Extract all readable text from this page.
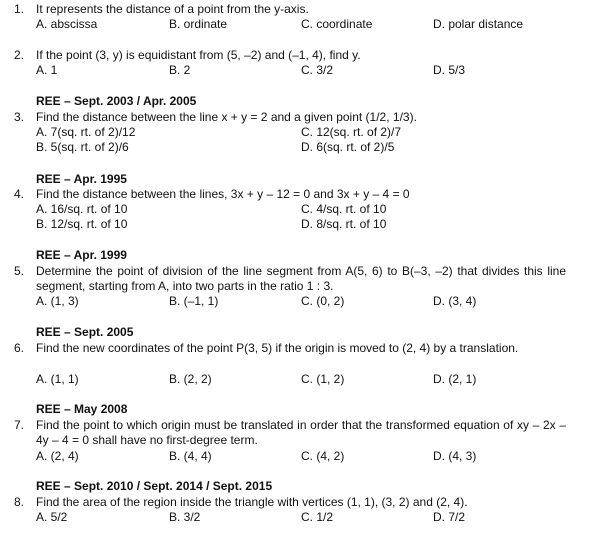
1. It represents the distance of a point from the y-axis.
A. abscissa	B. ordinate	C. coordinate	D. polar distance
2. If the point (3, y) is equidistant from (5, –2) and (–1, 4), find y.
A. 1	B. 2	C. 3/2	D. 5/3
REE – Sept. 2003 / Apr. 2005
3. Find the distance between the line x + y = 2 and a given point (1/2, 1/3).
A. 7(sq. rt. of 2)/12	C. 12(sq. rt. of 2)/7
B. 5(sq. rt. of 2)/6	D. 6(sq. rt. of 2)/5
REE – Apr. 1995
4. Find the distance between the lines, 3x + y – 12 = 0 and 3x + y – 4 = 0
A. 16/sq. rt. of 10	C. 4/sq. rt. of 10
B. 12/sq. rt. of 10	D. 8/sq. rt. of 10
REE – Apr. 1999
5. Determine the point of division of the line segment from A(5, 6) to B(–3, –2) that divides this line segment, starting from A, into two parts in the ratio 1 : 3.
A. (1, 3)	B. (–1, 1)	C. (0, 2)	D. (3, 4)
REE – Sept. 2005
6. Find the new coordinates of the point P(3, 5) if the origin is moved to (2, 4) by a translation.
A. (1, 1)	B. (2, 2)	C. (1, 2)	D. (2, 1)
REE – May 2008
7. Find the point to which origin must be translated in order that the transformed equation of xy – 2x – 4y – 4 = 0 shall have no first-degree term.
A. (2, 4)	B. (4, 4)	C. (4, 2)	D. (4, 3)
REE – Sept. 2010 / Sept. 2014 / Sept. 2015
8. Find the area of the region inside the triangle with vertices (1, 1), (3, 2) and (2, 4).
A. 5/2	B. 3/2	C. 1/2	D. 7/2
